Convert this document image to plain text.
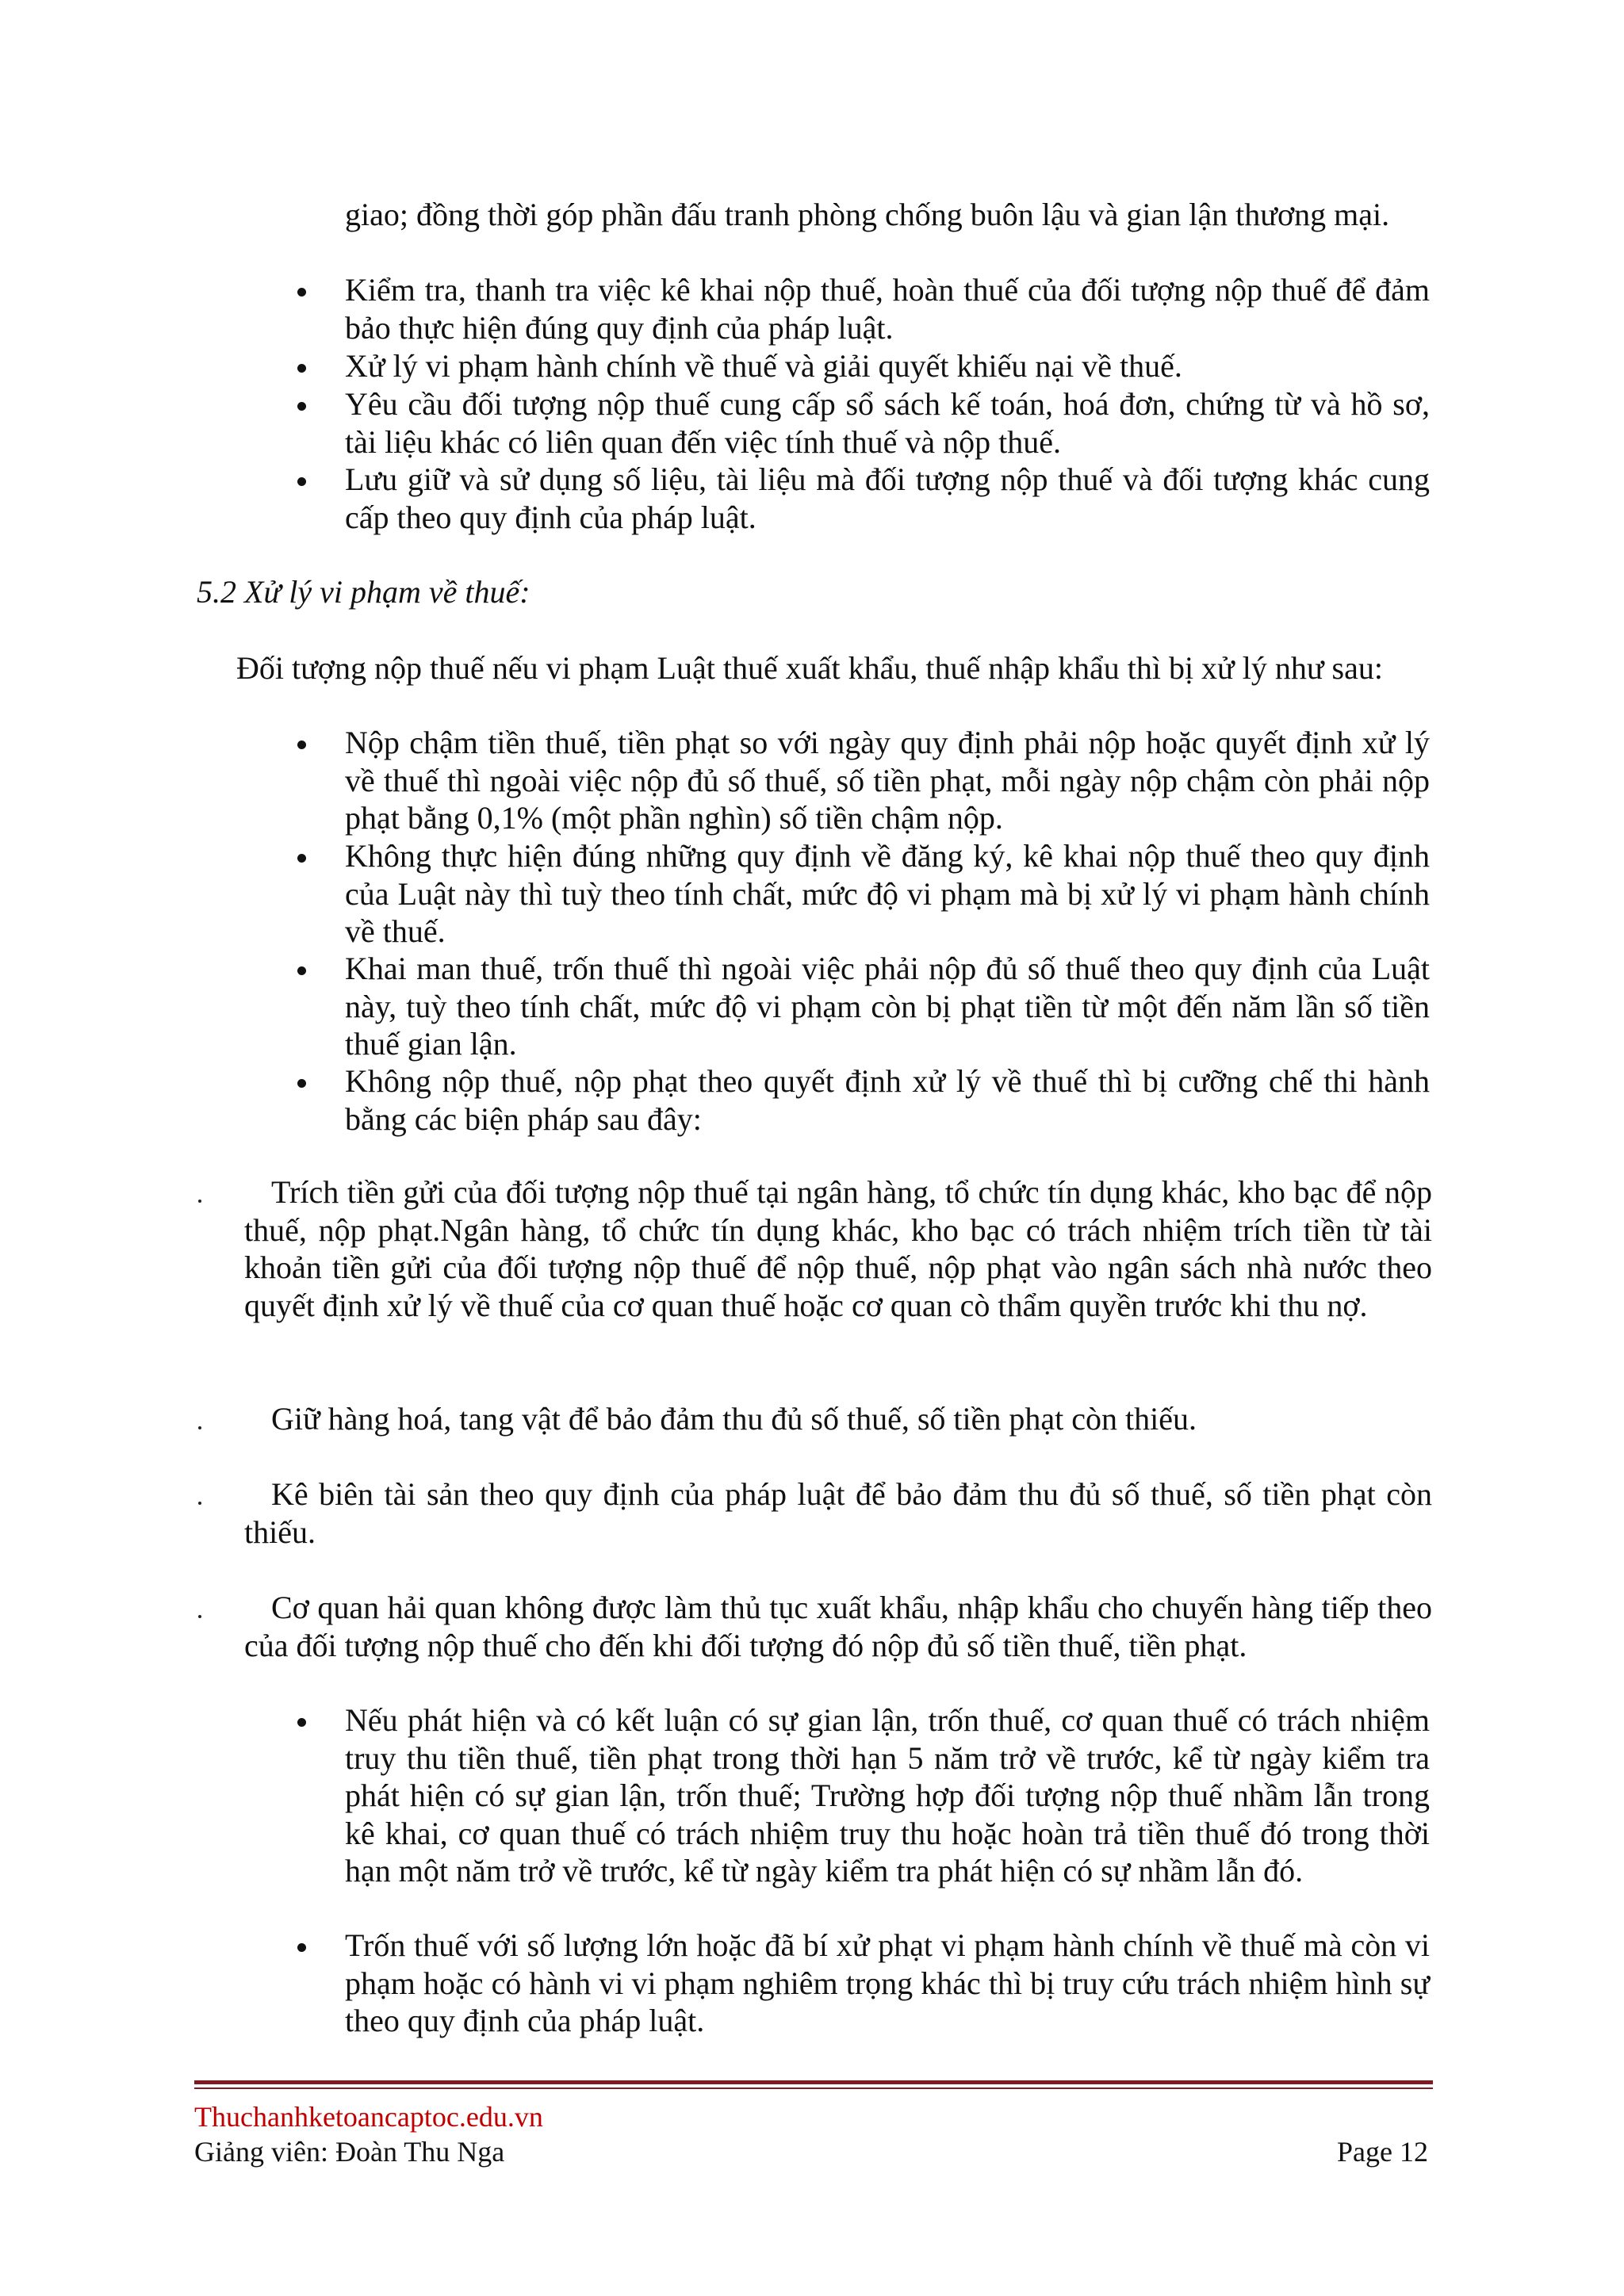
giao; đồng thời góp phần đấu tranh phòng chống buôn lậu và gian lận thương mại.

Kiểm tra, thanh tra việc kê khai nộp thuế, hoàn thuế của đối tượng nộp thuế để đảm bảo thực hiện đúng quy định của pháp luật.

Xử lý vi phạm hành chính về thuế và giải quyết khiếu nại về thuế.

Yêu cầu đối tượng nộp thuế cung cấp sổ sách kế toán, hoá đơn, chứng từ và hồ sơ, tài liệu khác có liên quan đến việc tính thuế và nộp thuế.

Lưu giữ và sử dụng số liệu, tài liệu mà đối tượng nộp thuế và đối tượng khác cung cấp theo quy định của pháp luật.

5.2 Xử lý vi phạm về thuế:

Đối tượng nộp thuế nếu vi phạm Luật thuế xuất khẩu, thuế nhập khẩu thì bị xử lý như sau:

Nộp chậm tiền thuế, tiền phạt so với ngày quy định phải nộp hoặc quyết định xử lý về thuế thì ngoài việc nộp đủ số thuế, số tiền phạt, mỗi ngày nộp chậm còn phải nộp phạt bằng 0,1% (một phần nghìn) số tiền chậm nộp.

Không thực hiện đúng những quy định về đăng ký, kê khai nộp thuế theo quy định của Luật này thì tuỳ theo tính chất, mức độ vi phạm mà bị xử lý vi phạm hành chính về thuế.

Khai man thuế, trốn thuế thì ngoài việc phải nộp đủ số thuế theo quy định của Luật này, tuỳ theo tính chất, mức độ vi phạm còn bị phạt tiền từ một đến năm lần số tiền thuế gian lận.

Không nộp thuế, nộp phạt theo quyết định xử lý về thuế thì bị cưỡng chế thi hành bằng các biện pháp sau đây:

Trích tiền gửi của đối tượng nộp thuế tại ngân hàng, tổ chức tín dụng khác, kho bạc để nộp thuế, nộp phạt.Ngân hàng, tổ chức tín dụng khác, kho bạc có trách nhiệm trích tiền từ tài khoản tiền gửi của đối tượng nộp thuế để nộp thuế, nộp phạt vào ngân sách nhà nước theo quyết định xử lý về thuế của cơ quan thuế hoặc cơ quan cò thẩm quyền trước khi thu nợ.

Giữ hàng hoá, tang vật để bảo đảm thu đủ số thuế, số tiền phạt còn thiếu.

Kê biên tài sản theo quy định của pháp luật để bảo đảm thu đủ số thuế, số tiền phạt còn thiếu.

Cơ quan hải quan không được làm thủ tục xuất khẩu, nhập khẩu cho chuyến hàng tiếp theo của đối tượng nộp thuế cho đến khi đối tượng đó nộp đủ số tiền thuế, tiền phạt.

Nếu phát hiện và có kết luận có sự gian lận, trốn thuế, cơ quan thuế có trách nhiệm truy thu tiền thuế, tiền phạt trong thời hạn 5 năm trở về trước, kể từ ngày kiểm tra phát hiện có sự gian lận, trốn thuế; Trường hợp đối tượng nộp thuế nhầm lẫn trong kê khai, cơ quan thuế có trách nhiệm truy thu hoặc hoàn trả tiền thuế đó trong thời hạn một năm trở về trước, kể từ ngày kiểm tra phát hiện có sự nhầm lẫn đó.

Trốn thuế với số lượng lớn hoặc đã bí xử phạt vi phạm hành chính về thuế mà còn vi phạm hoặc có hành vi vi phạm nghiêm trọng khác thì bị truy cứu trách nhiệm hình sự theo quy định của pháp luật.

Thuchanhketoancaptoc.edu.vn
Giảng viên: Đoàn Thu Nga	Page 12
